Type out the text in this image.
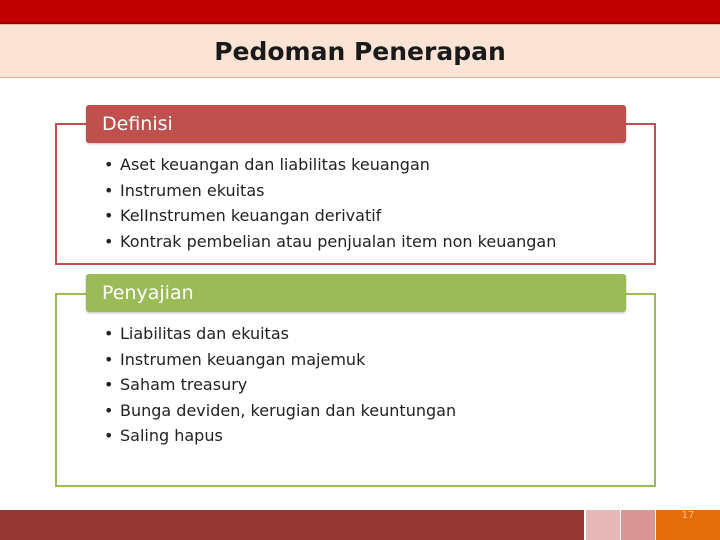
Pedoman Penerapan
Definisi
• Aset keuangan dan liabilitas keuangan
• Instrumen ekuitas
• KelInstrumen keuangan derivatif
• Kontrak pembelian atau penjualan item non keuangan
Penyajian
• Liabilitas dan ekuitas
• Instrumen keuangan majemuk
• Saham treasury
• Bunga deviden, kerugian dan keuntungan
• Saling hapus
17
